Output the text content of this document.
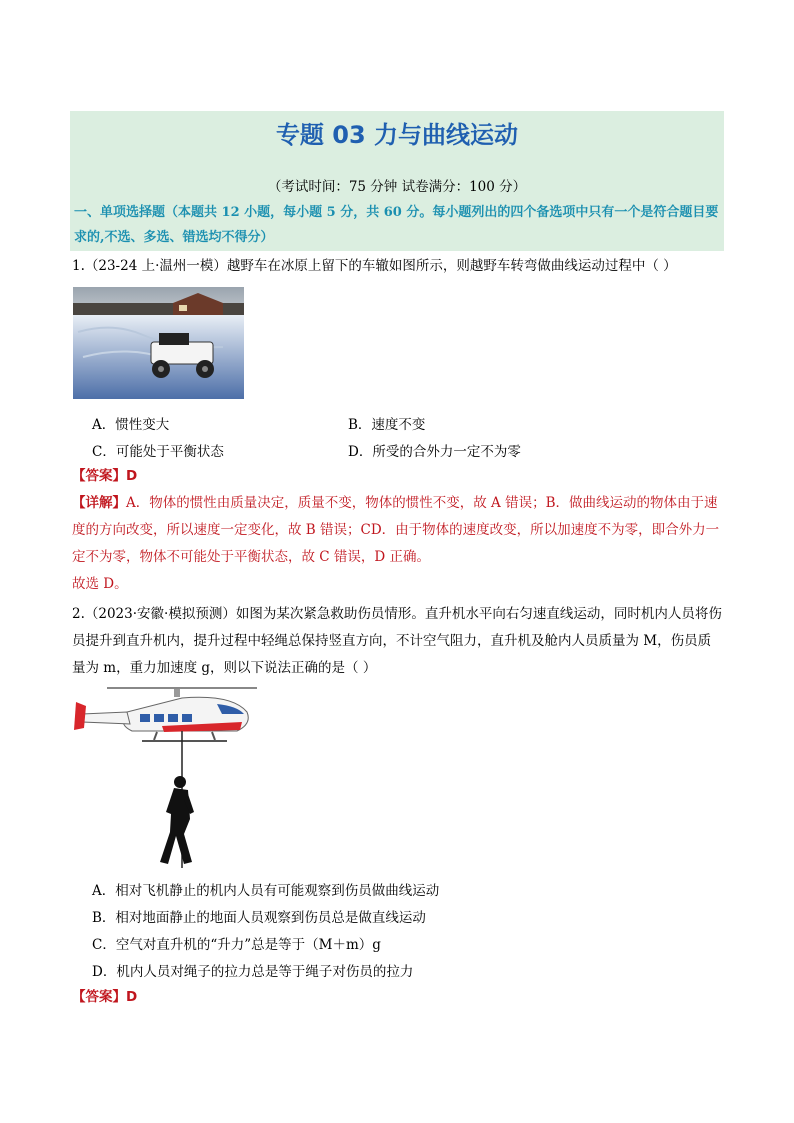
专题 03 力与曲线运动
（考试时间：75 分钟 试卷满分：100 分）
一、单项选择题（本题共 12 小题，每小题 5 分，共 60 分。每小题列出的四个备选项中只有一个是符合题目要求的,不选、多选、错选均不得分）
1.（23-24 上·温州一模）越野车在冰原上留下的车辙如图所示，则越野车转弯做曲线运动过程中（ ）
A．惯性变大	B．速度不变
C．可能处于平衡状态	D．所受的合外力一定不为零
【答案】D
【详解】A．物体的惯性由质量决定，质量不变，物体的惯性不变，故 A 错误；B．做曲线运动的物体由于速度的方向改变，所以速度一定变化，故 B 错误；CD．由于物体的速度改变，所以加速度不为零，即合外力一定不为零，物体不可能处于平衡状态，故 C 错误，D 正确。
故选 D。
2.（2023·安徽·模拟预测）如图为某次紧急救助伤员情形。直升机水平向右匀速直线运动，同时机内人员将伤员提升到直升机内，提升过程中轻绳总保持竖直方向，不计空气阻力，直升机及舱内人员质量为 M，伤员质量为 m，重力加速度 g，则以下说法正确的是（ ）
A．相对飞机静止的机内人员有可能观察到伤员做曲线运动
B．相对地面静止的地面人员观察到伤员总是做直线运动
C．空气对直升机的“升力”总是等于（M＋m）g
D．机内人员对绳子的拉力总是等于绳子对伤员的拉力
【答案】D
